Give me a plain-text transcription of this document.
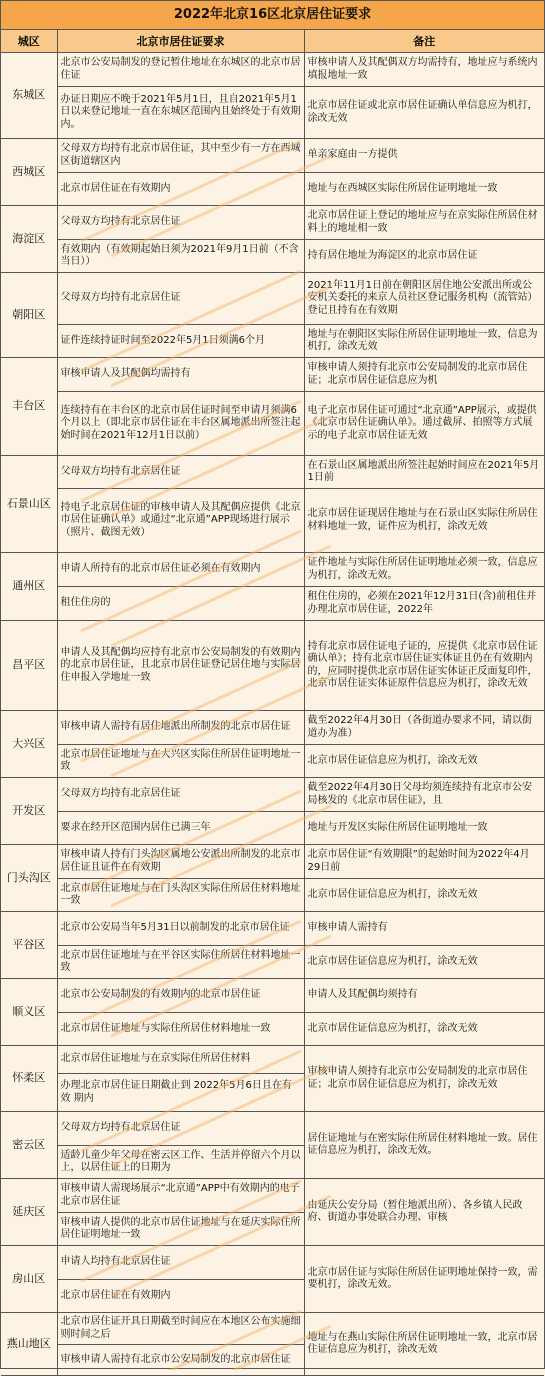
2022年北京16区北京居住证要求
城区	北京市居住证要求	备注
东城区	北京市公安局制发的登记暂住地址在东城区的北京市居住证	审核申请人及其配偶双方均需持有，地址应与系统内填报地址一致
	办证日期应不晚于2021年5月1日，且自2021年5月1日以来登记地址一直在东城区范围内且始终处于有效期内。	北京市居住证或北京市居住证确认单信息应为机打，涂改无效
西城区	父母双方均持有北京市居住证，其中至少有一方在西城区街道辖区内	单亲家庭由一方提供
	北京市居住证在有效期内	地址与在西城区实际住所居住证明地址一致
海淀区	父母双方均持有北京居住证	北京市居住证上登记的地址应与在京实际住所居住材料上的地址相一致
	有效期内（有效期起始日须为2021年9月1日前（不含当日））	持有居住地址为海淀区的北京市居住证
朝阳区	父母双方均持有北京居住证	2021年11月1日前在朝阳区居住地公安派出所或公安机关委托的来京人员社区登记服务机构（流管站）登记且持有在有效期
	证件连续持证时间至2022年5月1日须满6个月	地址与在朝阳区实际住所居住证明地址一致，信息为机打，涂改无效
丰台区	审核申请人及其配偶均需持有	审核申请人须持有北京市公安局制发的北京市居住证；北京市居住证信息应为机
	连续持有在丰台区的北京市居住证时间至申请月须满6个月以上（即北京市居住证在丰台区属地派出所签注起始时间在2021年12月1日以前）	电子北京市居住证可通过“北京通”APP展示，或提供《北京市居住证确认单》。通过截屏、拍照等方式展示的电子北京市居住证无效
石景山区	父母双方均持有北京居住证	在石景山区属地派出所签注起始时间应在2021年5月1日前
	持电子北京居住证的审核申请人及其配偶应提供《北京市居住证确认单》或通过“北京通”APP现场进行展示（照片、截图无效）	北京市居住证现居住地址与在石景山区实际住所居住材料地址一致，证件应为机打，涂改无效
通州区	申请人所持有的北京市居住证必须在有效期内	证件地址与实际住所居住证明地址必须一致，信息应为机打，涂改无效。
	租住住房的	租住住房的，必须在2021年12月31日(含)前租住并办理北京市居住证，2022年
昌平区	申请人及其配偶均应持有北京市公安局制发的有效期内的北京市居住证，且北京市居住证登记居住地与实际居住申报入学地址一致	持有北京市居住证电子证的，应提供《北京市居住证确认单》；持有北京市居住证实体证且仍在有效期内的，应同时提供北京市居住证实体证正反面复印件，北京市居住证实体证原件信息应为机打，涂改无效
大兴区	审核申请人需持有居住地派出所制发的北京市居住证	截至2022年4月30日（各街道办要求不同，请以街道办为准）
	北京市居住证地址与在大兴区实际住所居住证明地址一致	北京市居住证信息应为机打，涂改无效
开发区	父母双方均持有北京居住证	截至2022年4月30日父母均须连续持有北京市公安局核发的《北京市居住证》，且
	要求在经开区范围内居住已满三年	地址与开发区实际住所居住证明地址一致
门头沟区	审核申请人持有门头沟区属地公安派出所制发的北京市居住证且证件在有效期	北京市居住证“有效期限”的起始时间为2022年4月29日前
	北京市居住证地址与在门头沟区实际住所居住材料地址一致	北京市居住证信息应为机打，涂改无效
平谷区	北京市公安局当年5月31日以前制发的北京市居住证	审核申请人需持有
	北京市居住证地址与在平谷区实际住所居住材料地址一致	北京市居住证信息应为机打，涂改无效
顺义区	北京市公安局制发的有效期内的北京市居住证	申请人及其配偶均须持有
	北京市居住证地址与实际住所居住材料地址一致	北京市居住证信息应为机打，涂改无效
怀柔区	北京市居住证地址与在京实际住所居住材料	审核申请人须持有北京市公安局制发的北京市居住证；北京市居住证信息应为机打，涂改无效
	办理北京市居住证日期截止到 2022年5月6日且在有效 期内	
密云区	父母双方均持有北京居住证	居住证地址与在密实际住所居住材料地址一致。居住证信息应为机打，涂改无效。
	适龄儿童少年父母在密云区工作、生活并停留六个月以上，以居住证上的日期为	
延庆区	审核申请人需现场展示“北京通”APP中有效期内的电子北京市居住证	由延庆公安分局（暂住地派出所）、各乡镇人民政府、街道办事处联合办理、审核
	审核申请人提供的北京市居住证地址与在延庆实际住所居住证明地址一致	
房山区	申请人均持有北京居住证	北京市居住证与实际住所居住证明地址保持一致，需要机打，涂改无效。
	北京市居住证在有效期内	
燕山地区	北京市居住证开具日期截至时间应在本地区公布实施细则时间之后	地址与在燕山实际住所居住证明地址一致，北京市居住证信息应为机打，涂改无效
	审核申请人需持有北京市公安局制发的北京市居住证	
